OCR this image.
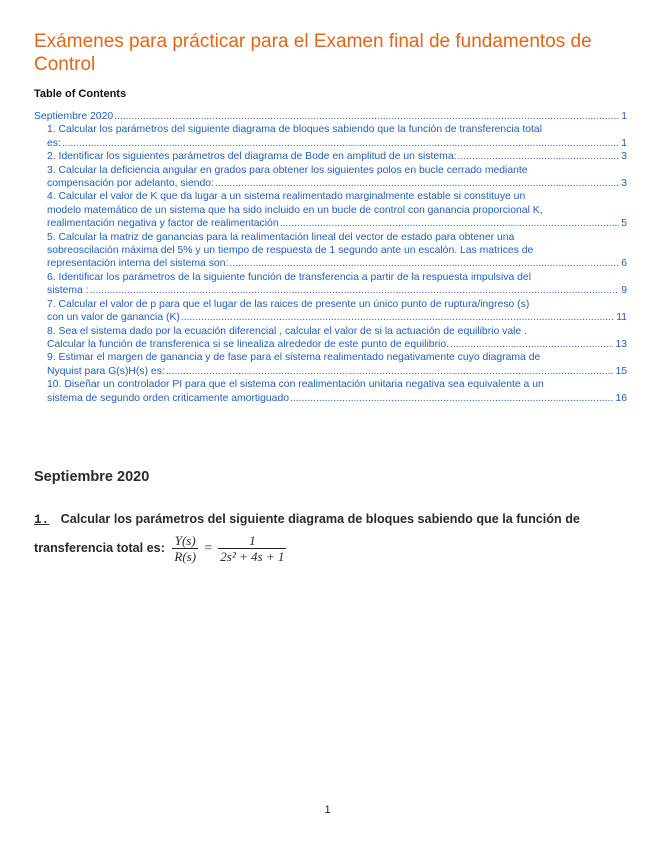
Exámenes para prácticar para el Examen final de fundamentos de Control
Table of Contents
Septiembre 2020 .....	1
1. Calcular los parámetros del siguiente diagrama de bloques sabiendo que la función de transferencia total
es: .....	1
2. Identificar los siguientes parámetros del diagrama de Bode en amplitud de un sistema: .....	3
3. Calcular la deficiencia angular en grados para obtener los siguientes polos en bucle cerrado mediante
compensación por adelanto, siendo: .....	3
4. Calcular el valor de K que da lugar a un sistema realimentado marginalmente estable si constituye un
modelo matemático de un sistema que ha sido incluido en un bucle de control con ganancia proporcional K,
realimentación negativa y factor de realimentación .....	5
5. Calcular la matriz de ganancias para la realimentación lineal del vector de estado para obtener una
sobreoscilación máxima del 5% y un tiempo de respuesta de 1 segundo ante un escalón. Las matrices de
representación interna del sistema son: .....	6
6. Identificar los parámetros de la siguiente función de transferencia a partir de la respuesta impulsiva del
sistema : .....	9
7. Calcular el valor de p para que el lugar de las raices de presente un único punto de ruptura/ingreso (s)
con un valor de ganancia (K) .....	11
8. Sea el sistema dado por la ecuación diferencial , calcular el valor de si la actuación de equilibrio vale .
Calcular la función de transferenica si se linealiza alrededor de este punto de equilibrio. .....	13
9. Estimar el margen de ganancia y de fase para el sistema realimentado negativamente cuyo diagrama de
Nyquist para G(s)H(s) es: .....	15
10. Diseñar un controlador PI para que el sistema con realimentación unitaria negativa sea equivalente a un
sistema de segundo orden criticamente amortiguado .....	16
Septiembre 2020
1. Calcular los parámetros del siguiente diagrama de bloques sabiendo que la función de transferencia total es: $\frac{Y(s)}{R(s)} = \frac{1}{\text{2s² + 4s + 1}}$
1
